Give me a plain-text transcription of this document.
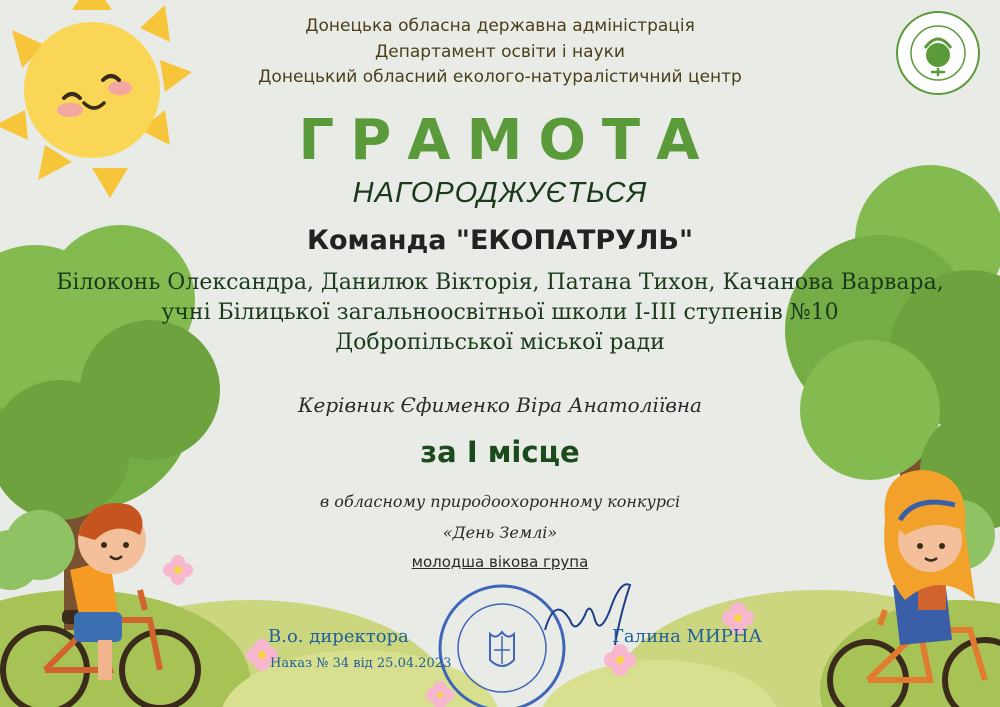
Донецька обласна державна адміністрація

Департамент освіти і науки

Донецький обласний еколого-натуралістичний центр

ГРАМОТА

НАГОРОДЖУЄТЬСЯ

Команда "ЕКОПАТРУЛЬ"

Білоконь Олександра, Данилюк Вікторія, Патана Тихон, Качанова Варвара,
учні Білицької загальноосвітньої школи І-ІІІ ступенів №10
Добропільської міської ради

Керівник Єфименко Віра Анатоліївна

за І місце

в обласному природоохоронному конкурсі

«День Землі»

молодша вікова група

В.о. директора
Наказ № 34 від 25.04.2023
Галина МИРНА
